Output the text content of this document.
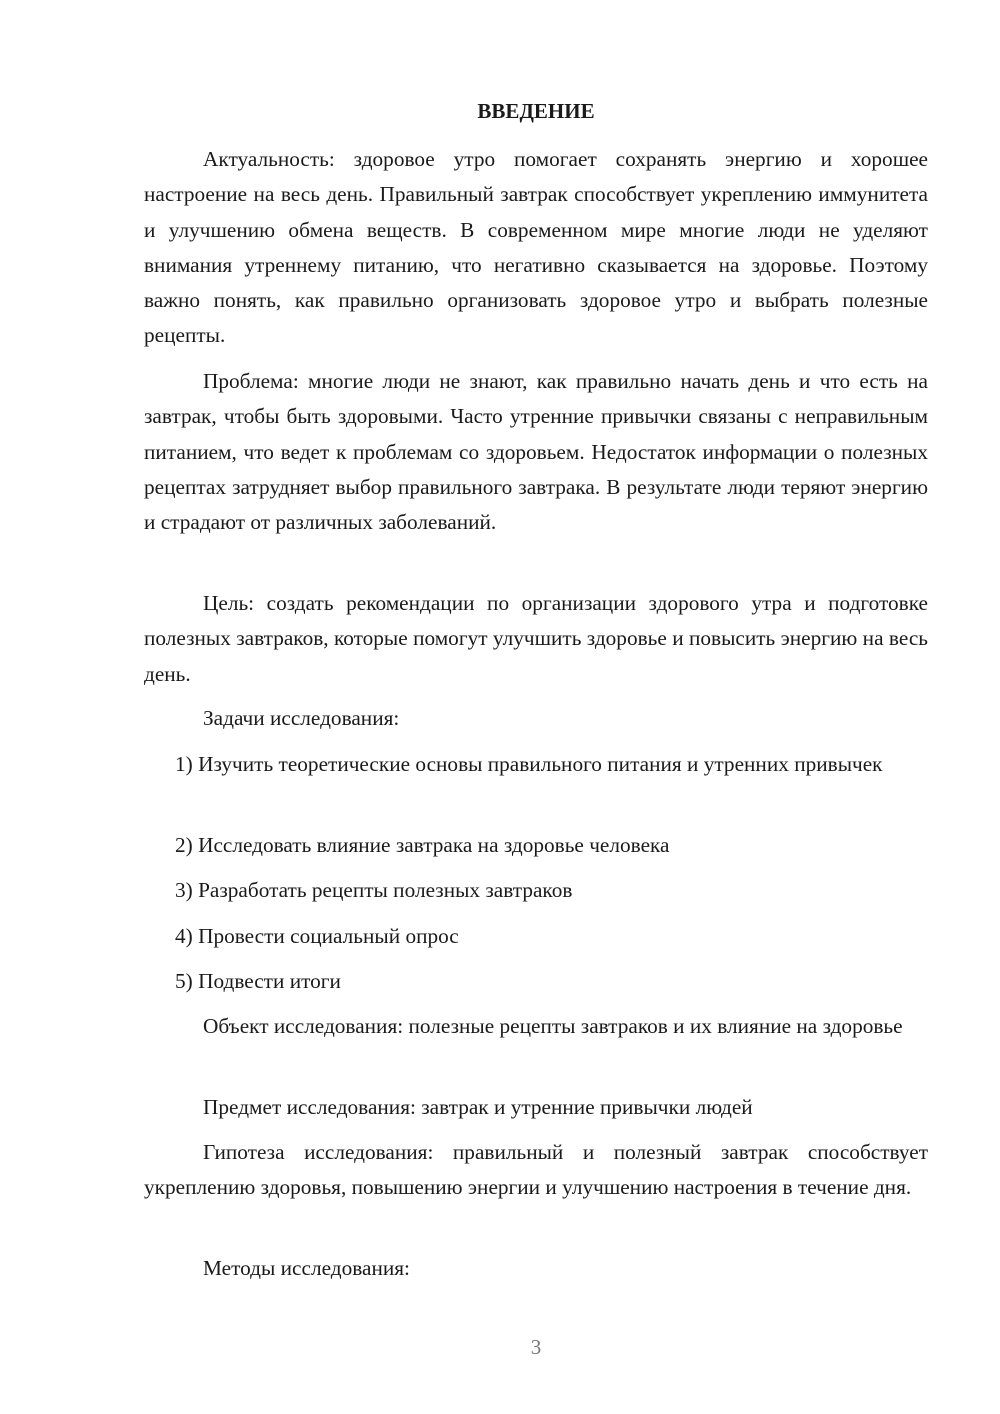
ВВЕДЕНИЕ

Актуальность: здоровое утро помогает сохранять энергию и хорошее настроение на весь день. Правильный завтрак способствует укреплению иммунитета и улучшению обмена веществ. В современном мире многие люди не уделяют внимания утреннему питанию, что негативно сказывается на здоровье. Поэтому важно понять, как правильно организовать здоровое утро и выбрать полезные рецепты.

Проблема: многие люди не знают, как правильно начать день и что есть на завтрак, чтобы быть здоровыми. Часто утренние привычки связаны с неправильным питанием, что ведет к проблемам со здоровьем. Недостаток информации о полезных рецептах затрудняет выбор правильного завтрака. В результате люди теряют энергию и страдают от различных заболеваний.

Цель: создать рекомендации по организации здорового утра и подготовке полезных завтраков, которые помогут улучшить здоровье и повысить энергию на весь день.

Задачи исследования:

1) Изучить теоретические основы правильного питания и утренних привычек

2) Исследовать влияние завтрака на здоровье человека

3) Разработать рецепты полезных завтраков

4) Провести социальный опрос

5) Подвести итоги

Объект исследования: полезные рецепты завтраков и их влияние на здоровье

Предмет исследования: завтрак и утренние привычки людей

Гипотеза исследования: правильный и полезный завтрак способствует укреплению здоровья, повышению энергии и улучшению настроения в течение дня.

Методы исследования:

3
